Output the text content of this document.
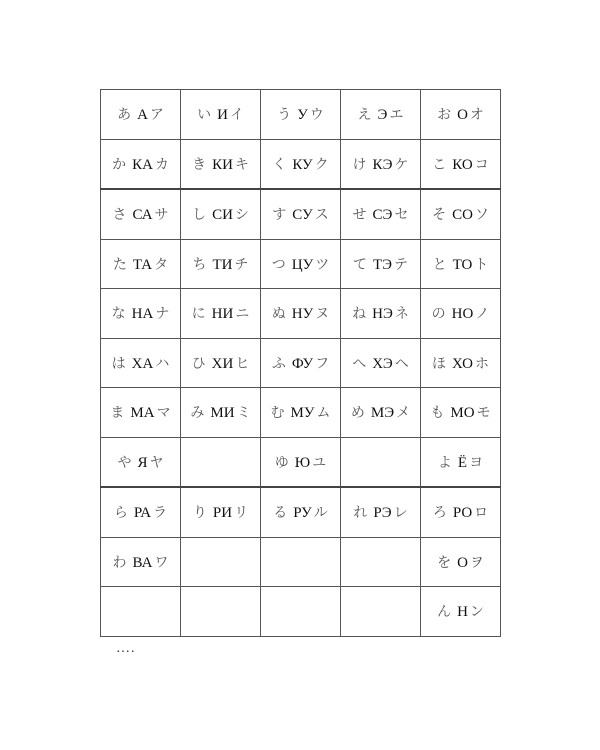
あ А ア	い И イ	う У ウ	え Э エ	お О オ
か КА カ	き КИ キ	く КУ ク	け КЭ ケ	こ КО コ
さ СА サ	し СИ シ	す СУ ス	せ СЭ セ	そ СО ソ
た ТА タ	ち ТИ チ	つ ЦУ ツ	て ТЭ テ	と ТО ト
な НА ナ	に НИ ニ	ぬ НУ ヌ	ね НЭ ネ	の НО ノ
は ХА ハ	ひ ХИ ヒ	ふ ФУ フ	へ ХЭ ヘ	ほ ХО ホ
ま МА マ	み МИ ミ	む МУ ム	め МЭ メ	も МО モ
や Я ヤ		ゆ Ю ユ		よ Ё ヨ
ら РА ラ	り РИ リ	る РУ ル	れ РЭ レ	ろ РО ロ
わ ВА ワ				を О ヲ
				ん Н ン
….
